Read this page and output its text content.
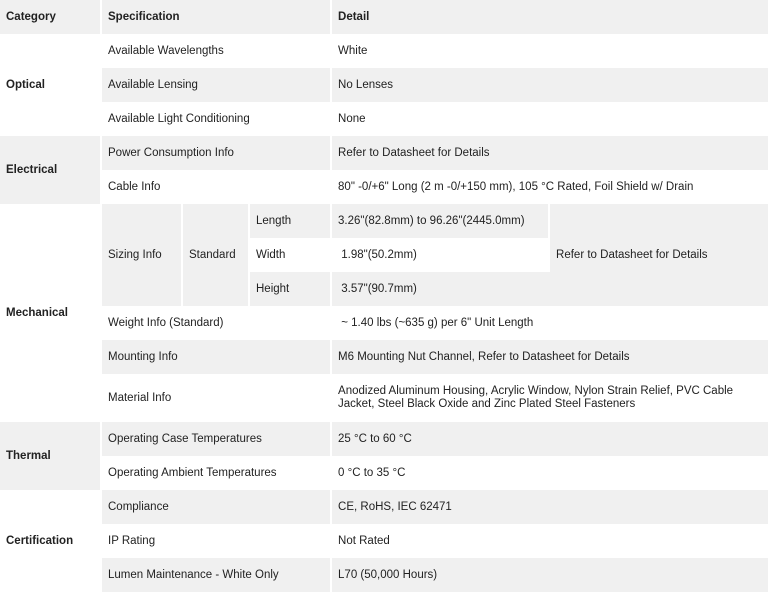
Category	Specification			Detail	
Optical	Available Wavelengths			White	
	Available Lensing			No Lenses	
	Available Light Conditioning			None	
Electrical	Power Consumption Info			Refer to Datasheet for Details	
	Cable Info			80" -0/+6" Long (2 m -0/+150 mm), 105 °C Rated, Foil Shield w/ Drain	
Mechanical	Sizing Info	Standard	Length	3.26"(82.8mm) to 96.26"(2445.0mm)	Refer to Datasheet for Details
			Width	1.98"(50.2mm)	
			Height	3.57"(90.7mm)	
	Weight Info (Standard)			~ 1.40 lbs (~635 g) per 6" Unit Length	
	Mounting Info			M6 Mounting Nut Channel, Refer to Datasheet for Details	
	Material Info			Anodized Aluminum Housing, Acrylic Window, Nylon Strain Relief, PVC Cable Jacket, Steel Black Oxide and Zinc Plated Steel Fasteners	
Thermal	Operating Case Temperatures			25 °C to 60 °C	
	Operating Ambient Temperatures			0 °C to 35 °C	
Certification	Compliance			CE, RoHS, IEC 62471	
	IP Rating			Not Rated	
	Lumen Maintenance - White Only			L70 (50,000 Hours)	
